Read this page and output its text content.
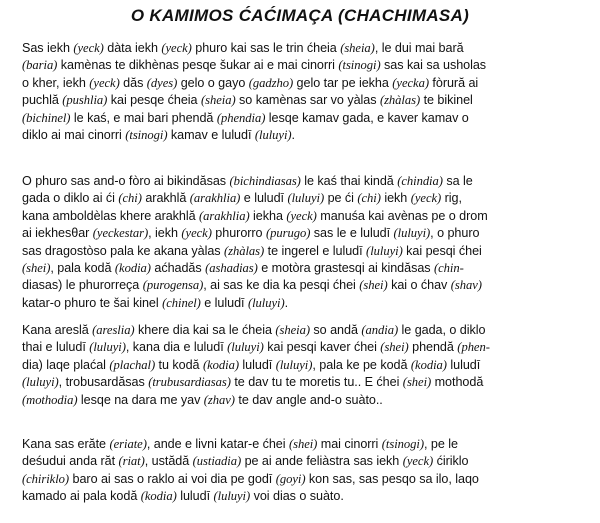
O KAMIMOS ĆAĆIMAÇA (CHACHIMASA)
Sas iekh (yeck) dàta iekh (yeck) phuro kai sas le trin ćheia (sheia), le dui mai bară
(baria) kamènas te dikhènas pesqe šukar ai e mai cinorri (tsinogi) sas kai sa usholas
o kher, iekh (yeck) dăs (dyes) gelo o gayo (gadzho) gelo tar pe iekha (yecka) fòrură ai
puchlă (pushlia) kai pesqe ćheia (sheia) so kamènas sar vo yàlas (zhàlas) te bikinel
(bichinel) le kaś, e mai bari phendă (phendia) lesqe kamav gada, e kaver kamav o
diklo ai mai cinorri (tsinogi) kamav e luludī (luluyi).
O phuro sas and-o fòro ai bikindăsas (bichindiasas) le kaś thai kindă (chindia) sa le
gada o diklo ai ći (chi) arakhlă (arakhlia) e luludī (luluyi) pe ći (chi) iekh (yeck) rig,
kana amboldèlas khere arakhlă (arakhlia) iekha (yeck) manuśa kai avènas pe o drom
ai iekhesθar (yeckestar), iekh (yeck) phurorro (purugo) sas le e luludī (luluyi), o phuro
sas dragostòso pala ke akana yàlas (zhàlas) te ingerel e luludī (luluyi) kai pesqi ćhei
(shei), pala kodă (kodia) aćhadăs (ashadias) e motòra grastesqi ai kindăsas (chin-
diasas) le phurorreça (purogensa), ai sas ke dia ka pesqi ćhei (shei) kai o ćhav (shav)
katar-o phuro te šai kinel (chinel) e luludī (luluyi).
Kana areslă (areslia) khere dia kai sa le ćheia (sheia) so andă (andia) le gada, o diklo
thai e luludī (luluyi), kana dia e luludī (luluyi) kai pesqi kaver ćhei (shei) phendă (phen-
dia) laqe plaćal (plachal) tu kodă (kodia) luludī (luluyi), pala ke pe kodă (kodia) luludī
(luluyi), trobusardăsas (trubusardiasas) te dav tu te moretis tu.. E ćhei (shei) mothodă
(mothodia) lesqe na dara me yav (zhav) te dav angle and-o suàto..
Kana sas erăte (eriate), ande e livni katar-e ćhei (shei) mai cinorri (tsinogi), pe le
deśudui anda răt (riat), ustădă (ustiadia) pe ai ande feliàstra sas iekh (yeck) ćiriklo
(chiriklo) baro ai sas o raklo ai voi dia pe godī (goyi) kon sas, sas pesqo sa ilo, laqo
kamado ai pala kodă (kodia) luludī (luluyi) voi dias o suàto.
